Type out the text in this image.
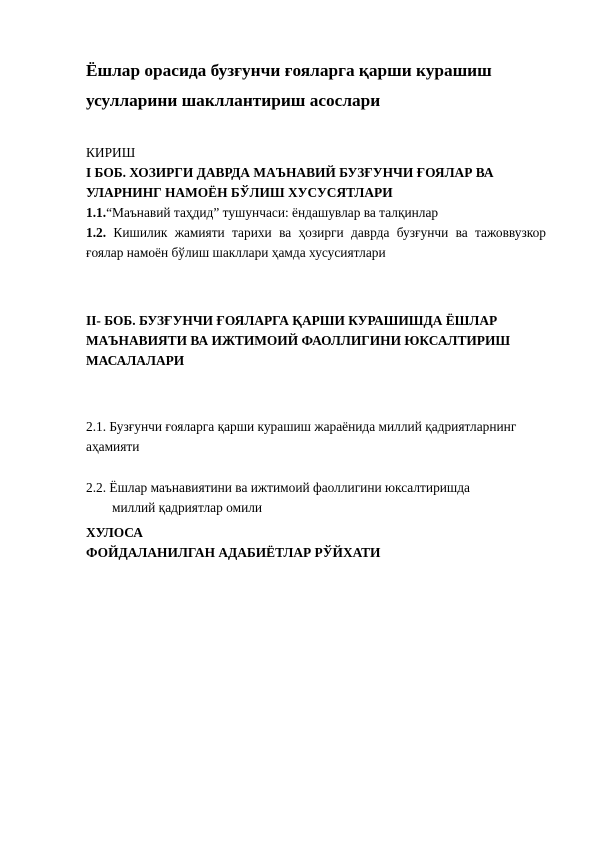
Ёшлар орасида бузғунчи ғояларга қарши курашиш усулларини шакллантириш асослари

КИРИШ

I БОБ. ХОЗИРГИ ДАВРДА МАЪНАВИЙ БУЗҒУНЧИ ҒОЯЛАР ВА УЛАРНИНГ НАМОЁН БЎЛИШ ХУСУСЯТЛАРИ

1.1.“Маънавий таҳдид” тушунчаси: ёндашувлар ва талқинлар

1.2. Кишилик жамияти тарихи ва ҳозирги даврда бузғунчи ва тажоввузкор ғоялар намоён бўлиш шакллари ҳамда хусусиятлари

II- БОБ. БУЗҒУНЧИ ҒОЯЛАРГА ҚАРШИ КУРАШИШДА ЁШЛАР МАЪНАВИЯТИ ВА ИЖТИМОИЙ ФАОЛЛИГИНИ ЮКСАЛТИРИШ МАСАЛАЛАРИ

2.1. Бузғунчи ғояларга қарши курашиш жараёнида миллий қадриятларнинг аҳамияти

2.2. Ёшлар маънавиятини ва ижтимоий фаоллигини юксалтиришда
миллий қадриятлар омили

ХУЛОСА

ФОЙДАЛАНИЛГАН АДАБИЁТЛАР РЎЙХАТИ
